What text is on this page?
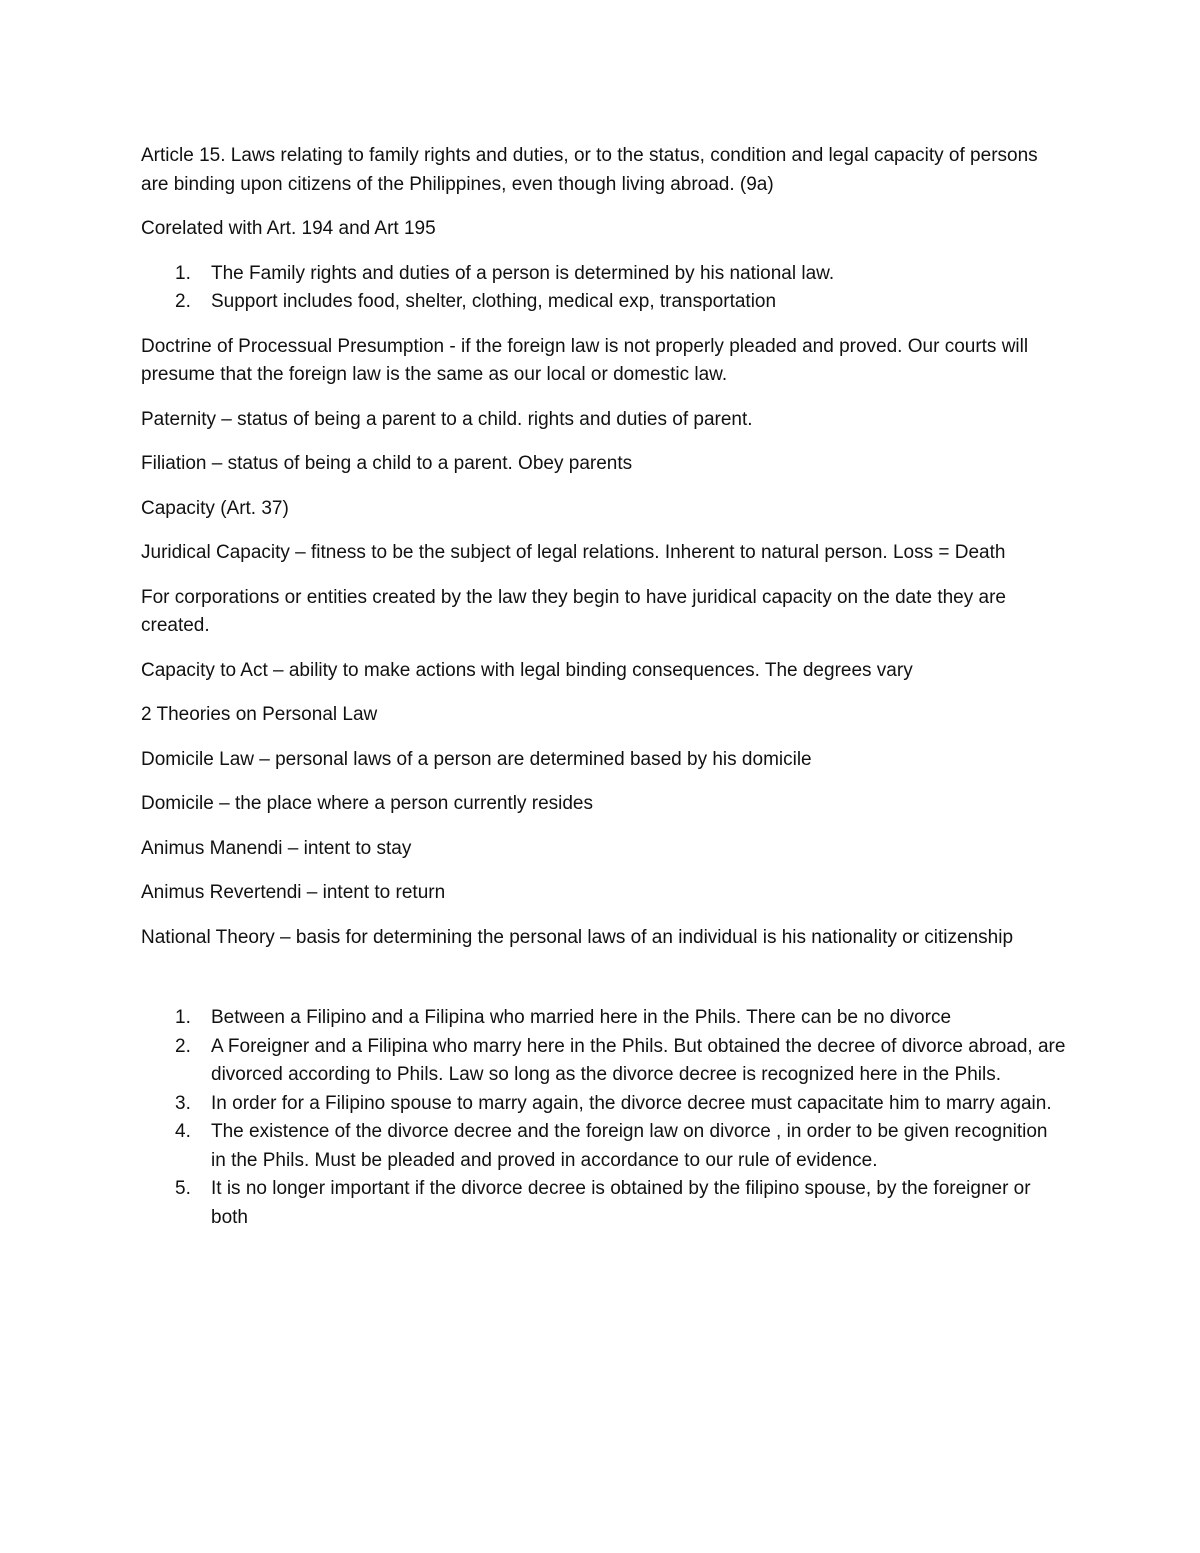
Article 15. Laws relating to family rights and duties, or to the status, condition and legal capacity of persons are binding upon citizens of the Philippines, even though living abroad. (9a)

Corelated with Art. 194 and Art 195

1. The Family rights and duties of a person is determined by his national law.
2. Support includes food, shelter, clothing, medical exp, transportation

Doctrine of Processual Presumption - if the foreign law is not properly pleaded and proved. Our courts will presume that the foreign law is the same as our local or domestic law.

Paternity – status of being a parent to a child. rights and duties of parent.

Filiation – status of being a child to a parent. Obey parents

Capacity (Art. 37)

Juridical Capacity – fitness to be the subject of legal relations. Inherent to natural person. Loss = Death

For corporations or entities created by the law they begin to have juridical capacity on the date they are created.

Capacity to Act – ability to make actions with legal binding consequences. The degrees vary

2 Theories on Personal Law

Domicile Law – personal laws of a person are determined based by his domicile

Domicile – the place where a person currently resides

Animus Manendi – intent to stay

Animus Revertendi – intent to return

National Theory – basis for determining the personal laws of an individual is his nationality or citizenship

1. Between a Filipino and a Filipina who married here in the Phils. There can be no divorce
2. A Foreigner and a Filipina who marry here in the Phils. But obtained the decree of divorce abroad, are divorced according to Phils. Law so long as the divorce decree is recognized here in the Phils.
3. In order for a Filipino spouse to marry again, the divorce decree must capacitate him to marry again.
4. The existence of the divorce decree and the foreign law on divorce , in order to be given recognition in the Phils. Must be pleaded and proved in accordance to our rule of evidence.
5. It is no longer important if the divorce decree is obtained by the filipino spouse, by the foreigner or both
